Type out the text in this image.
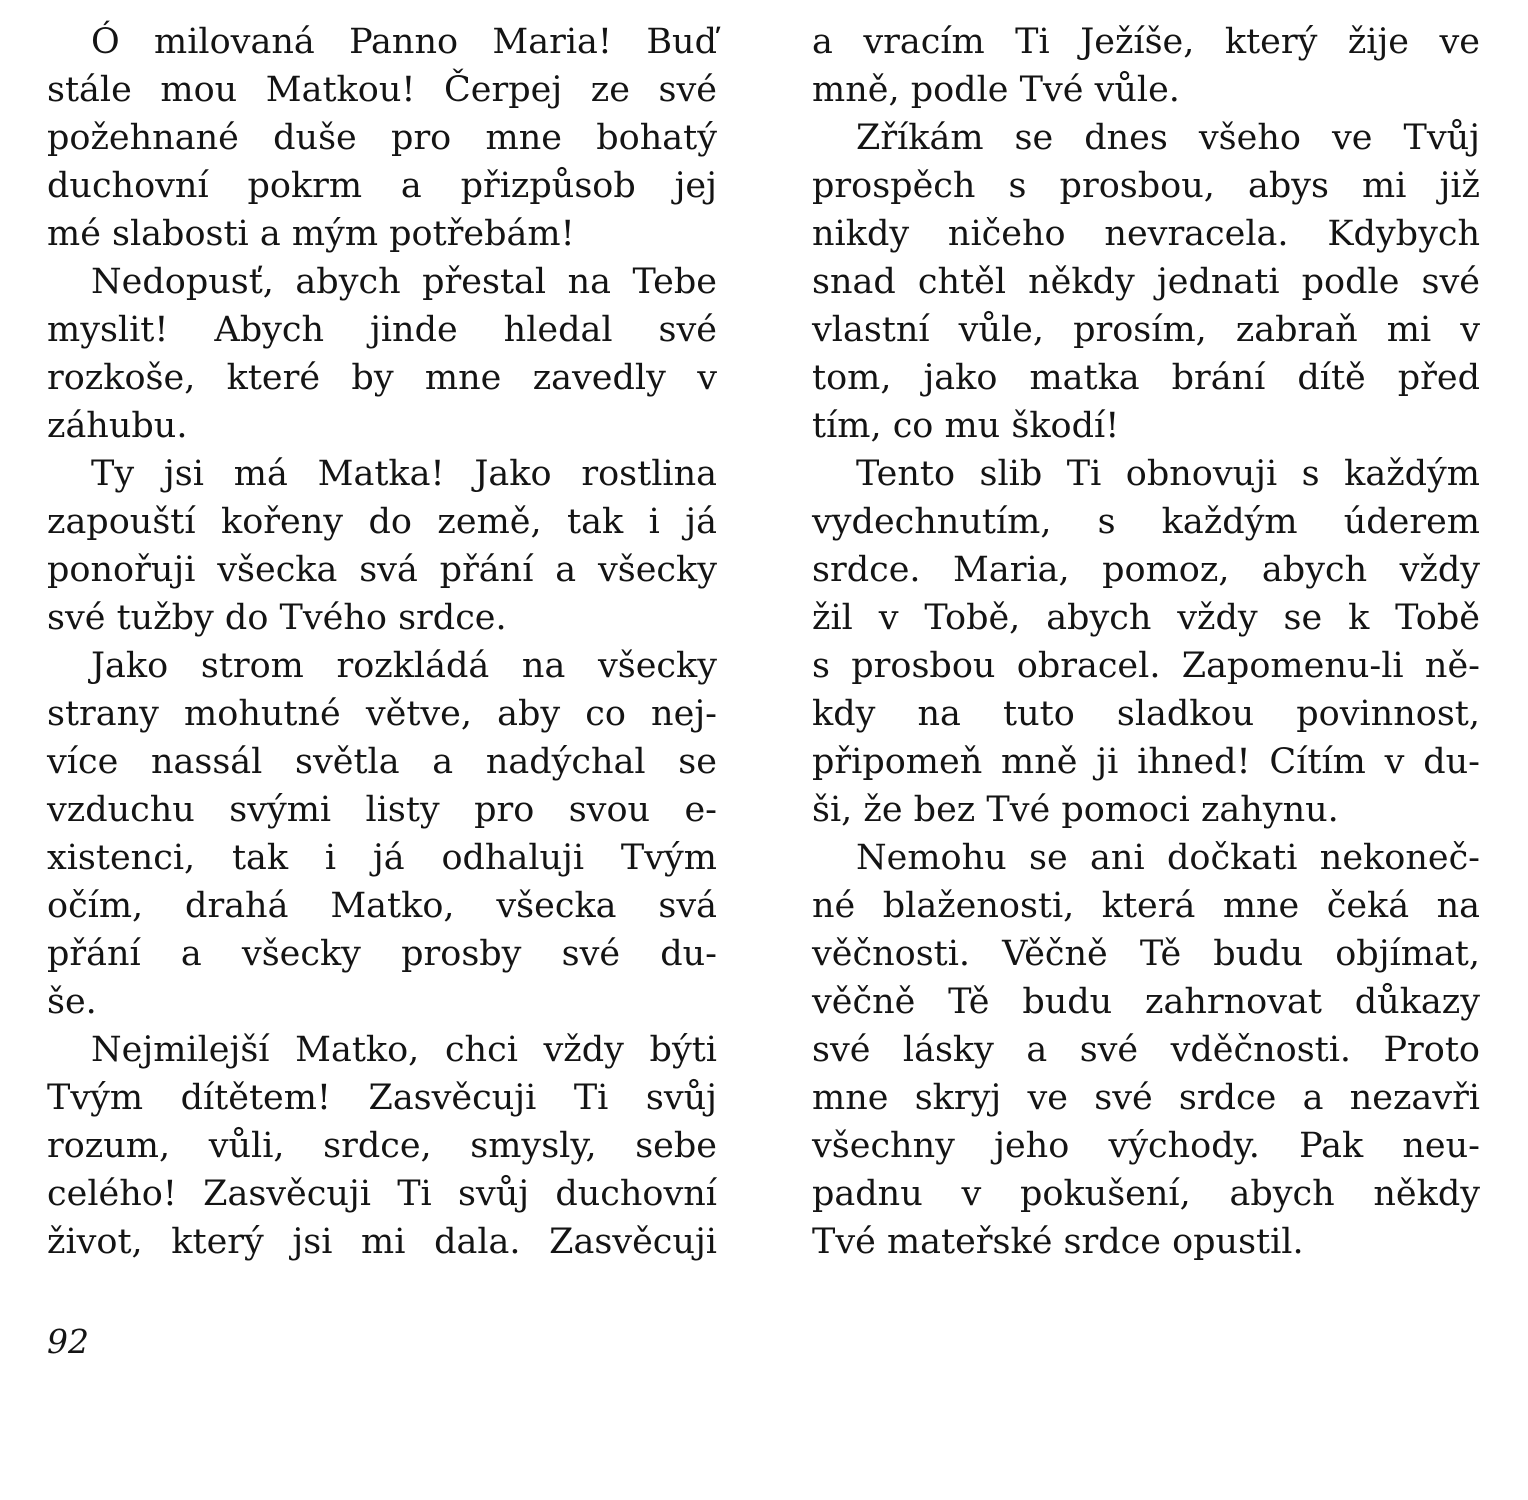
Ó milovaná Panno Maria! Buď
stále mou Matkou! Čerpej ze své
požehnané duše pro mne bohatý
duchovní pokrm a přizpůsob jej
mé slabosti a mým potřebám!
Nedopusť, abych přestal na Tebe
myslit! Abych jinde hledal své
rozkoše, které by mne zavedly v
záhubu.
Ty jsi má Matka! Jako rostlina
zapouští kořeny do země, tak i já
ponořuji všecka svá přání a všecky
své tužby do Tvého srdce.
Jako strom rozkládá na všecky
strany mohutné větve, aby co nej-
více nassál světla a nadýchal se
vzduchu svými listy pro svou e-
xistenci, tak i já odhaluji Tvým
očím, drahá Matko, všecka svá
přání a všecky prosby své du-
še.
Nejmilejší Matko, chci vždy býti
Tvým dítětem! Zasvěcuji Ti svůj
rozum, vůli, srdce, smysly, sebe
celého! Zasvěcuji Ti svůj duchovní
život, který jsi mi dala. Zasvěcuji
a vracím Ti Ježíše, který žije ve
mně, podle Tvé vůle.
Zříkám se dnes všeho ve Tvůj
prospěch s prosbou, abys mi již
nikdy ničeho nevracela. Kdybych
snad chtěl někdy jednati podle své
vlastní vůle, prosím, zabraň mi v
tom, jako matka brání dítě před
tím, co mu škodí!
Tento slib Ti obnovuji s každým
vydechnutím, s každým úderem
srdce. Maria, pomoz, abych vždy
žil v Tobě, abych vždy se k Tobě
s prosbou obracel. Zapomenu-li ně-
kdy na tuto sladkou povinnost,
připomeň mně ji ihned! Cítím v du-
ši, že bez Tvé pomoci zahynu.
Nemohu se ani dočkati nekoneč-
né blaženosti, která mne čeká na
věčnosti. Věčně Tě budu objímat,
věčně Tě budu zahrnovat důkazy
své lásky a své vděčnosti. Proto
mne skryj ve své srdce a nezavři
všechny jeho východy. Pak neu-
padnu v pokušení, abych někdy
Tvé mateřské srdce opustil.
92
